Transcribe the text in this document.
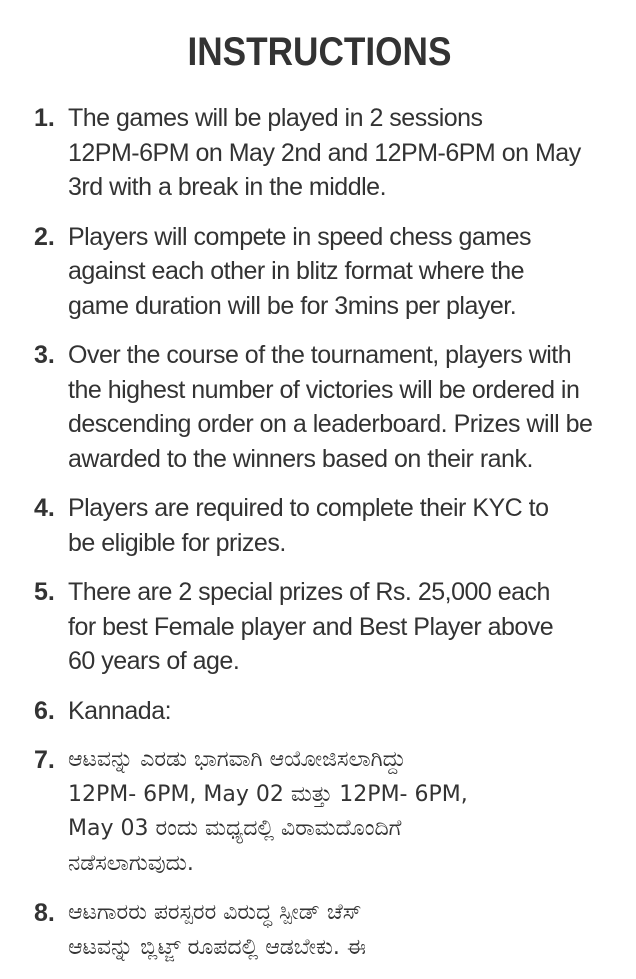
INSTRUCTIONS
1. The games will be played in 2 sessions
12PM-6PM on May 2nd and 12PM-6PM on May
3rd with a break in the middle.
2. Players will compete in speed chess games
against each other in blitz format where the
game duration will be for 3mins per player.
3. Over the course of the tournament, players with
the highest number of victories will be ordered in
descending order on a leaderboard. Prizes will be
awarded to the winners based on their rank.
4. Players are required to complete their KYC to
be eligible for prizes.
5. There are 2 special prizes of Rs. 25,000 each
for best Female player and Best Player above
60 years of age.
6. Kannada:
7. ಆಟವನ್ನು ಎರಡು ಭಾಗವಾಗಿ ಆಯೋಜಿಸಲಾಗಿದ್ದು
12PM- 6PM, May 02 ಮತ್ತು 12PM- 6PM,
May 03 ರಂದು ಮಧ್ಯದಲ್ಲಿ ವಿರಾಮದೊಂದಿಗೆ
ನಡೆಸಲಾಗುವುದು.
8. ಆಟಗಾರರು ಪರಸ್ಪರರ ವಿರುದ್ಧ ಸ್ಪೀಡ್ ಚೆಸ್
ಆಟವನ್ನು ಬ್ಲಿಟ್ಜ್ ರೂಪದಲ್ಲಿ ಆಡಬೇಕು. ಈ
